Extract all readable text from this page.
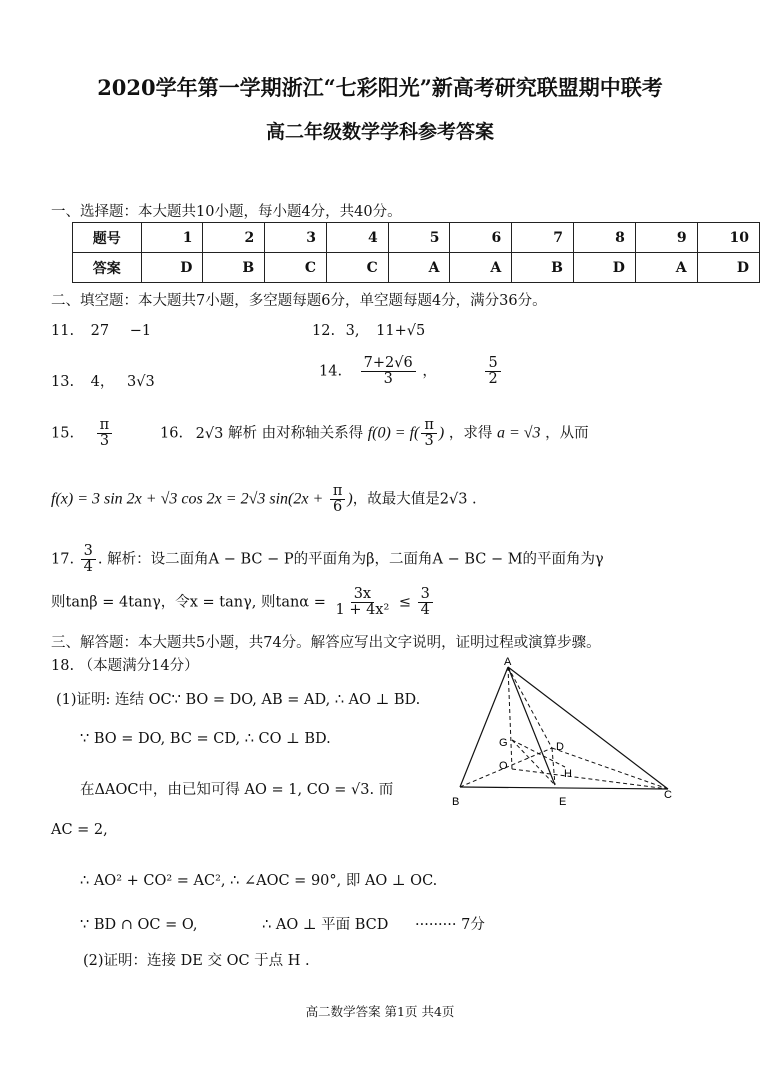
2020学年第一学期浙江“七彩阳光”新高考研究联盟期中联考
高二年级数学学科参考答案
一、选择题：本大题共10小题，每小题4分，共40分。
题号	1	2	3	4	5	6	7	8	9	10
答案	D	B	C	C	A	A	B	D	A	D
二、填空题：本大题共7小题，多空题每题6分，单空题每题4分，满分36分。
11. 27 −1	12. 3, 11+√5
13. 4， 3√3
14. $\frac{7+2√6}{3}$ ，	$\frac{5}{2}$
15. $\frac{\pi}{3}$	16. 2√3 解析 由对称轴关系得 $f(0) = f( \frac{\pi}{3}$ ) ，求得 a = √3 ，从而
f(x) = 3 sin 2x + √3 cos 2x = 2√3 $\sin(2x + \frac{\pi}{6}$ )，故最大值是2√3 .
17. $\frac{3}{4}$ . 解析：设二面角A − BC − P的平面角为β，二面角A − BC − M的平面角为γ
则tanβ = 4tanγ，令x = tanγ, 则$\tan\alpha = \frac{3x}{\text{1 + 4x²}} \le \frac{3}{4}$
三、解答题：本大题共5小题，共74分。解答应写出文字说明，证明过程或演算步骤。
18. （本题满分14分）
(1)证明: 连结 OC∵ BO = DO, AB = AD, ∴ AO ⊥ BD.
∵ BO = DO, BC = CD, ∴ CO ⊥ BD.
在ΔAOC中，由已知可得 AO = 1, CO = √3. 而
AC = 2,
∴ AO² + CO² = AC², ∴ ∠AOC = 90°, 即 AO ⊥ OC.
∵ BD ∩ OC = O,	∴ AO ⊥ 平面 BCD ········· 7分
(2)证明：连接 DE 交 OC 于点 H .
A
B
C
D
E
G
O
H
高二数学答案 第1页 共4页
